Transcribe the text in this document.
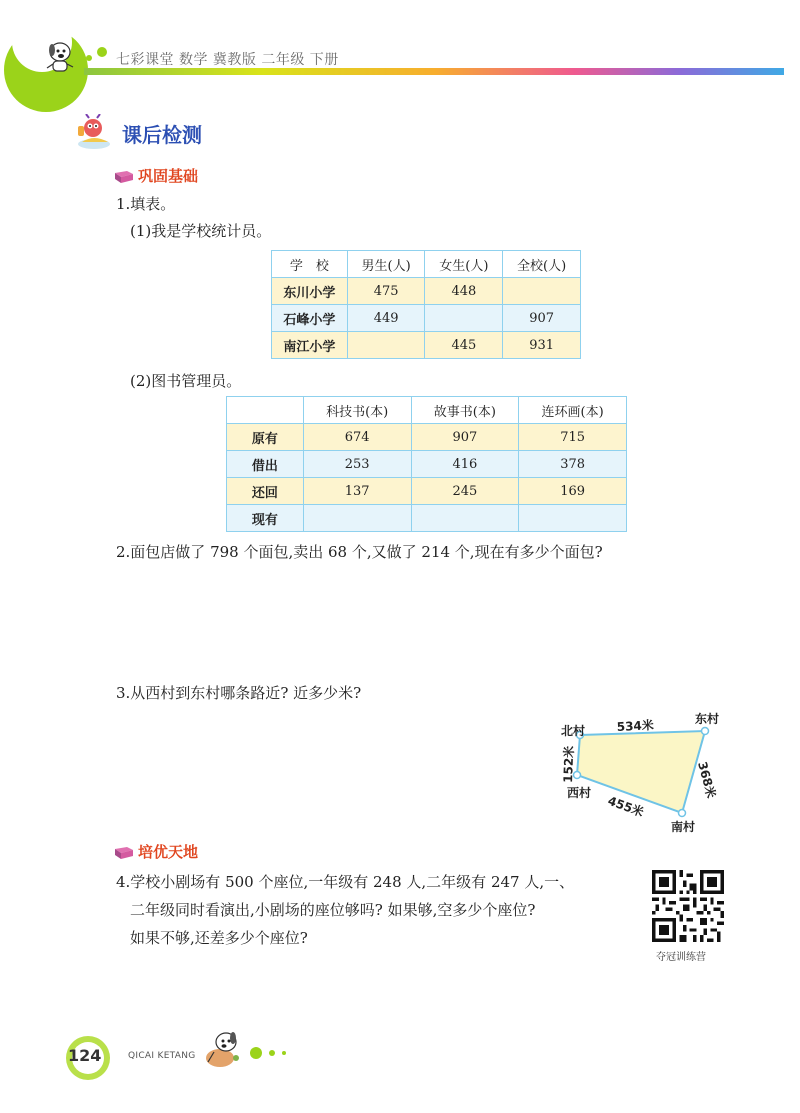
七彩课堂 数学 冀教版 二年级 下册
课后检测
巩固基础
1.填表。
(1)我是学校统计员。
学　校	男生(人)	女生(人)	全校(人)
东川小学	475	448	
石峰小学	449		907
南江小学		445	931
(2)图书管理员。
	科技书(本)	故事书(本)	连环画(本)
原有	674	907	715
借出	253	416	378
还回	137	245	169
现有			
2.面包店做了 798 个面包,卖出 68 个,又做了 214 个,现在有多少个面包?
3.从西村到东村哪条路近? 近多少米?
北村
东村
西村
南村
534米
152米	368米
455米
培优天地
4.学校小剧场有 500 个座位,一年级有 248 人,二年级有 247 人,一、
二年级同时看演出,小剧场的座位够吗? 如果够,空多少个座位?
如果不够,还差多少个座位?
夺冠训练营
124	QICAI KETANG
